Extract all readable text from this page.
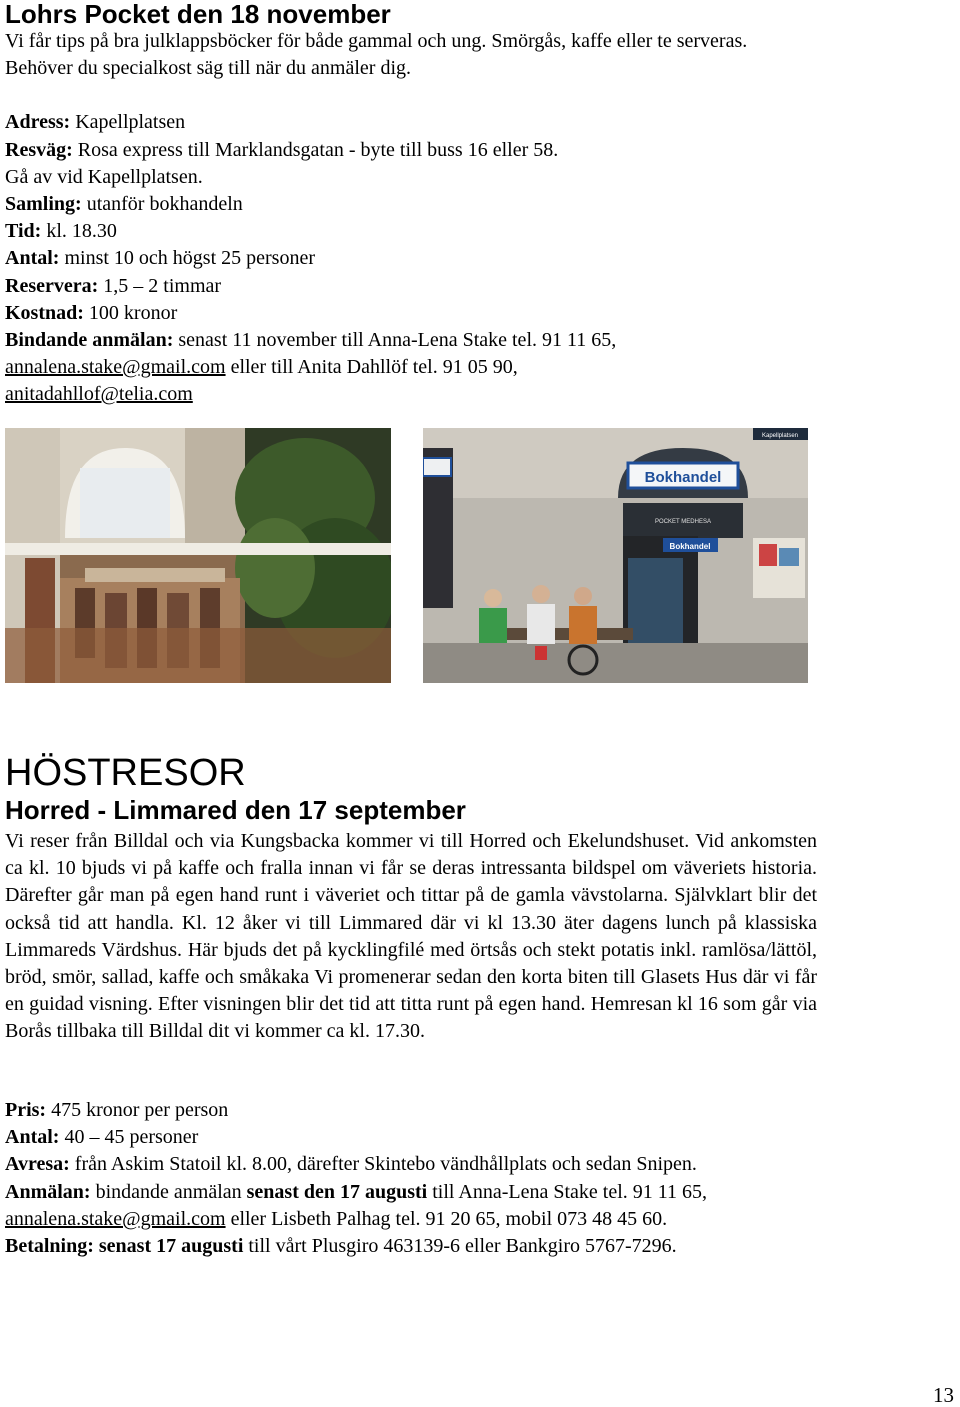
Lohrs Pocket den 18 november

Vi får tips på bra julklappsböcker för både gammal och ung. Smörgås, kaffe eller te serveras. Behöver du specialkost säg till när du anmäler dig.

Adress: Kapellplatsen

Resväg: Rosa express till Marklandsgatan - byte till buss 16 eller 58.

Gå av vid Kapellplatsen.

Samling: utanför bokhandeln

Tid: kl. 18.30

Antal: minst 10 och högst 25 personer

Reservera: 1,5 – 2 timmar

Kostnad: 100 kronor

Bindande anmälan: senast 11 november till Anna-Lena Stake tel. 91 11 65,
annalena.stake@gmail.com eller till Anita Dahllöf tel. 91 05 90,
anitadahllof@telia.com

Bokhandel
POCKET MEDHESA
Bokhandel
Kapellplatsen
HÖSTRESOR
Horred - Limmared den 17 september

Vi reser från Billdal och via Kungsbacka kommer vi till Horred och Ekelundshuset. Vid ankomsten ca kl. 10 bjuds vi på kaffe och fralla innan vi får se deras intressanta bildspel om väveriets historia. Därefter går man på egen hand runt i väveriet och tittar på de gamla vävstolarna. Självklart blir det också tid att handla. Kl. 12 åker vi till Limmared där vi kl 13.30 äter dagens lunch på klassiska Limmareds Värdshus. Här bjuds det på kycklingfilé med örtsås och stekt potatis inkl. ramlösa/lättöl, bröd, smör, sallad, kaffe och småkaka Vi promenerar sedan den korta biten till Glasets Hus där vi får en guidad visning. Efter visningen blir det tid att titta runt på egen hand. Hemresan kl 16 som går via Borås tillbaka till Billdal dit vi kommer ca kl. 17.30.

Pris: 475 kronor per person

Antal: 40 – 45 personer

Avresa: från Askim Statoil kl. 8.00, därefter Skintebo vändhållplats och sedan Snipen.

Anmälan: bindande anmälan senast den 17 augusti till Anna-Lena Stake tel. 91 11 65, annalena.stake@gmail.com eller Lisbeth Palhag tel. 91 20 65, mobil 073 48 45 60.

Betalning: senast 17 augusti till vårt Plusgiro 463139-6 eller Bankgiro 5767-7296.

13
